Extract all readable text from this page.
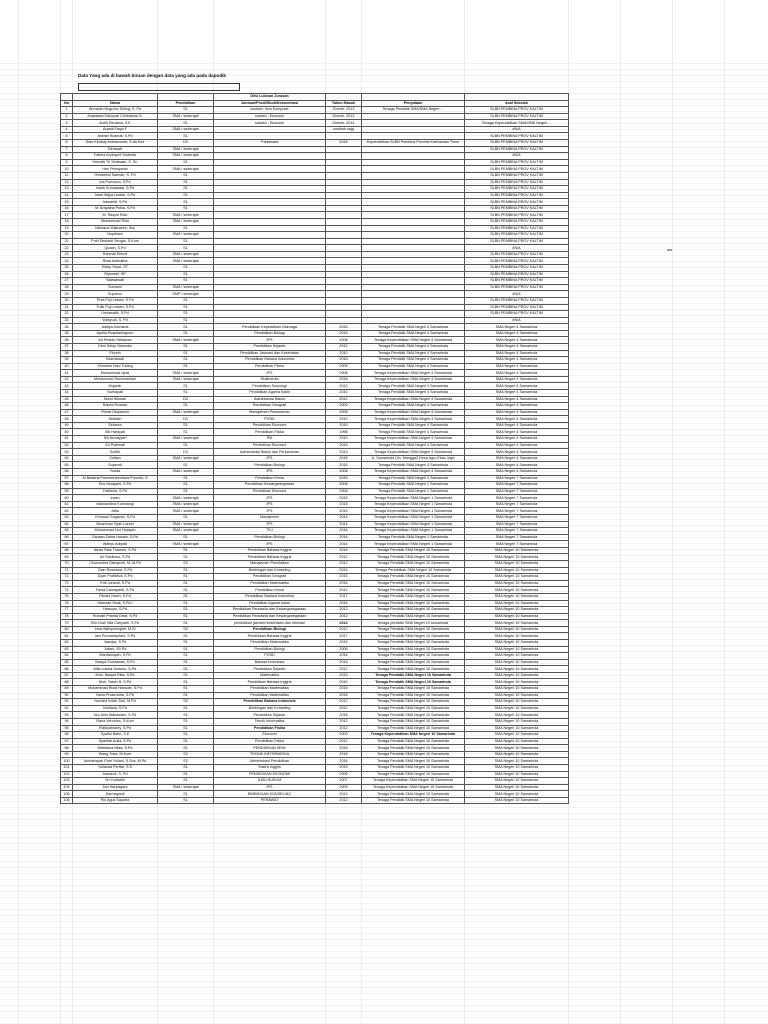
Data Yang ada di bawah biruan dengan data yang ada pada dapodik
			Diisi Lulusan Jurusan			
No	Nama	Pendidikan	Jurusan/Prodi/Studi/Konsentrasi	Tahun Masuk	Penyataan	Asal Sekolah
1	Ahmadin Nugroho Siding, S. Pd	S1	sosbish: Ilmu Komputer	Dlrecth: 2013	Tenaga Pendidik SMA/SMA Negeri ...	SLBN PEMBINA PROV KALTIM
2	Anastasia Dahyuati Christianta G.	SMA / sederajat	sosbsh : Ekonomi	Dlrecth: 2013		SLBN PEMBINA PROV KALTIM
3	Ardih Perdana, S.E	S1	sosbsh : Ekonomi	Dlrecth: 2014		Tenaga Kependidikan SMA/SMK Negeri ...
4	Aryadi Faqul F	SMA / sederajat		sosthsh sajg		#N/A
5	Asbran Busbus, S.Pd	S1				SLBN PEMBINA PROV KALTIM
6	Dian Kinanty Anthanoulta, S.Ak.Kes	D3	Pariwisata	2018	Kependidikan SLBN Pembina Provinsi Kalimantan Timur	SLBN PEMBINA PROV KALTIM
7	Dinawati	SMA / sederajat				SLBN PEMBINA PROV KALTIM
8	Fatima Andrayet Yustedia	SMA / sederajat				#N/A
9	Hemaiti Tri Setiawan, S. Sn	S1				SLBN PEMBINA PROV KALTIM
10	Heri Pebriyanto	SMA / sederajat				SLBN PEMBINA PROV KALTIM
11	Himawhul Saenah, S. Pd	S1				SLBN PEMBINA PROV KALTIM
12	Ida Purnomo, S.Pd	S1				SLBN PEMBINA PROV KALTIM
13	Indah Kumalaalsi, S.Pd	S1				SLBN PEMBINA PROV KALTIM
14	Intan Wijya Lestari, S.Pd	S1				SLBN PEMBINA PROV KALTIM
15	Irawandi, S.Pd	S1				SLBN PEMBINA PROV KALTIM
16	M. Ardyaiha Pulsa, S.Pd	S1				SLBN PEMBINA PROV KALTIM
17	M. Rasyid Rido	SMA / sederajat				SLBN PEMBINA PROV KALTIM
18	Muhammad Rido	SMA / sederajat				SLBN PEMBINA PROV KALTIM
19	Nikolaus Wijanarko, Ssk	S1				SLBN PEMBINA PROV KALTIM
20	Nopitriani	SMA / sederajat				SLBN PEMBINA PROV KALTIM
21	Putri Desianti Sengar, S.Kom	S1				SLBN PEMBINA PROV KALTIM
22	Quadri, S.Pd	S1				#N/A
23	Rahmat Efendi	SMA / sederajat				SLBN PEMBINA PROV KALTIM
24	Rizal Ardinatha	SMA / sederajat				SLBN PEMBINA PROV KALTIM
25	Rizky Yusuf, ST	S1				SLBN PEMBINA PROV KALTIM
26	Riyanadi, SP	S1				SLBN PEMBINA PROV KALTIM
27	Salasawati	S1				SLBN PEMBINA PROV KALTIM
28	Sumarni	SMA / sederajat				SLBN PEMBINA PROV KALTIM
29	Suparno	SMP / sederajat				#N/A
30	Tirza Puji Lestari, S.Pd	S1				SLBN PEMBINA PROV KALTIM
31	Tutik Puji Lestari, S.Pd	S1				SLBN PEMBINA PROV KALTIM
32	Umrawatik, S.Pd	S1				SLBN PEMBINA PROV KALTIM
33	Wahyudi, S. Pd	S1				#N/A
34	Aditiya Kurniana	S1	Pendidikan Kepelatihan Olahraga	2015	Tenaga Pendidik SMA Negeri 4 Samarinda	SMA Negeri 4 Samarinda
35	Aprilia Puspitaningrum	S1	Pendidikan Biologi	2015	Tenaga Pendidik SMA Negeri 4 Samarinda	SMA Negeri 4 Samarinda
36	Ari Prianto Setiawan	SMA / sederajat	IPS	2008	Tenaga Kependidikan SMA Negeri 4 Samarinda	SMA Negeri 4 Samarinda
37	Deni Setyo Gismoko	S1	Pendidikan Sejarah	2012	Tenaga Pendidik SMA Negeri 4 Samarinda	SMA Negeri 4 Samarinda
38	Florein	S1	Pendidikan Jasmani dan Kesehatan	2010	Tenaga Pendidik SMA Negeri 4 Samarinda	SMA Negeri 4 Samarinda
39	Kasmawati	S1	Pendidikan Bahasa Indonesia	2018	Tenaga Pendidik SMA Negeri 4 Samarinda	SMA Negeri 4 Samarinda
40	Khristina Hani Tubing	S1	Pendidikan Fisika	2009	Tenaga Pendidik SMA Negeri 4 Samarinda	SMA Negeri 4 Samarinda
41	Muhammad Iqbal	SMA / sederajat	IPS	2008	Tenaga Kependidikan SMA Negeri 4 Samarinda	SMA Negeri 4 Samarinda
42	Muhammad Rachmadiani	SMA / sederajat	Multimedia	2018	Tenaga Kependidikan SMA Negeri 4 Samarinda	SMA Negeri 4 Samarinda
43	Mujadin	S1	Pendidikan Sosiologi	2013	Tenaga Pendidik SMA Negeri 4 Samarinda	SMA Negeri 4 Samarinda
44	Nurhayati	S1	Pendidikan Agama Islam	2010	Tenaga Pendidik SMA Negeri 4 Samarinda	SMA Negeri 4 Samarinda
45	Nurul Hikmah	D3	Administrasi Bisnis	2012	Tenaga Kependidikan SMA Negeri 4 Samarinda	SMA Negeri 4 Samarinda
46	Rahmi Rusdan	S1	Pendidikan Geografi	2009	Tenaga Pendidik SMA Negeri 4 Samarinda	SMA Negeri 4 Samarinda
47	Rinda Oktyaduhi	SMA / sederajat	Manajemen Perkantoran	2009	Tenaga Kependidikan SMA Negeri 4 Samarinda	SMA Negeri 4 Samarinda
48	Setiasih	D3	PGSD	2010	Tenaga Kependidikan SMA Negeri 4 Samarinda	SMA Negeri 4 Samarinda
49	Setiarso	S1	Pendidikan Ekonomi	2016	Tenaga Pendidik SMA Negeri 4 Samarinda	SMA Negeri 4 Samarinda
50	Siti Hardyati	S1	Pendidikan Fisika	1998	Tenaga Pendidik SMA Negeri 4 Samarinda	SMA Negeri 4 Samarinda
51	Siti Nuraiyyah	SMA / sederajat	IPA	2010	Tenaga Kependidikan SMA Negeri 4 Samarinda	SMA Negeri 4 Samarinda
52	Sri Pratiwati	S1	Pendidikan Ekonomi	2016	Tenaga Pendidik SMA Negeri 4 Samarinda	SMA Negeri 4 Samarinda
53	Surfitri	D3	Administrasi Bisnis dan Perkantoran	2013	Tenaga Kependidikan SMA Negeri 4 Samarinda	SMA Negeri 4 Samarinda
54	Sulkan	SMA / sederajat	IPS	2018	U. Samarinda Ulu, Mangga2 Desa Agro Eksa Jaya	SMA Negeri 4 Samarinda
55	Supendi	S1	Pendidikan Biologi	2015	Tenaga Pendidik SMA Negeri 4 Samarinda	SMA Negeri 4 Samarinda
56	Yunda	SMA / sederajat	IPS	2008	Tenaga Kependidikan SMA Negeri 4 Samarinda	SMA Negeri 4 Samarinda
57	Ai Bedana Parunterarentiara Puronto, S	S1	Pendidikan Kimia	2015	Tenaga Pendidik SMA Negeri 1 Samarinda	SMA Negeri 7 Samarinda
58	Eko Nurajanti, S.Pd	S1	Pendidikan Kewarganegaraan	2008	Tenaga Pendidik SMA Negeri 1 Samarinda	SMA Negeri 7 Samarinda
59	Fadlisha, S.Pd	S1	Pendidikan Ekonomi	2006	Tenaga Pendidik SMA Negeri 1 Samarinda	SMA Negeri 7 Samarinda
60	Irwan	SMA / sederajat	IPS	2015	Tenaga Kependidikan SMA Negeri 1 Samarinda	SMA Negeri 7 Samarinda
61	Istianandina Kusmangi	SMA / sederajat	IPS	2015	Tenaga Kependidikan SMA Negeri 1 Samarinda	SMA Negeri 7 Samarinda
62	Jafar	SMA / sederajat	IPS	2015	Tenaga Kependidikan SMA Negeri 1 Samarinda	SMA Negeri 7 Samarinda
63	Khoswul Sugianto, S.Pd	S1	Manajemen	2014	Tenaga Kependidikan SMA Negeri 1 Samarinda	SMA Negeri 7 Samarinda
64	Muammar Syah Landu	SMA / sederajat	IPS	2014	Tenaga Kependidikan SMA Negeri 1 Samarinda	SMA Negeri 7 Samarinda
65	Muhammad Nur Hidayah	SMA / sederajat	TKJ	2016	Tenaga Kependidikan SMA Negeri 1 Samarinda	SMA Negeri 7 Samarinda
66	Sausan Zahra Husain, S.Pd	S1	Pendidikan Biologi	2016	Tenaga Pendidik SMA Negeri 1 Samarinda	SMA Negeri 7 Samarinda
67	Wahyu Adiyadi	SMA / sederajat	IPS	2014	Tenaga Kependidikan SMA Negeri 1 Samarinda	SMA Negeri 7 Samarinda
68	Abdul Rais Thamrin, S.Pd	S1	Pendidikan Bahasa Inggris	2016	Tenaga Pendidik SMA Negeri 10 Samarinda	SMA Negeri 10 Samarinda
69	Ari Susilowo, S.Pd	S1	Pendidikan Bahasa Inggris	2012	Tenaga Pendidik SMA Negeri 10 Samarinda	SMA Negeri 10 Samarinda
70	Chusnudha Sabrpenti, M.,M.Pd	S2	Manajemen Pendidikan	2012	Tenaga Pendidik SMA Negeri 10 Samarinda	SMA Negeri 10 Samarinda
71	Dian Ruswana, S.Pd	S1	Bimbingan dan Konseling	2016	Tenaga Pendidikan SMA Negeri 10 Samarinda	SMA Negeri 10 Samarinda
72	Dyah Pratiktiva, S.Pd	S1	Pendidikan Geografi	2015	Tenaga Pendidik SMA Negeri 10 Samarinda	SMA Negeri 10 Samarinda
73	Erik Jurandi, S.Pd	S1	Pendidikan Matematika	2016	Tenaga Pendidik SMA Negeri 10 Samarinda	SMA Negeri 10 Samarinda
74	Fania Damayanti, S.Pd	S1	Pendidikan Kimia	2012	Tenaga Pendidik SMA Negeri 10 Samarinda	SMA Negeri 10 Samarinda
75	Fitriani Nisen, S.Pd	S1	Pendidikan Bahasa Indonesia	2017	Tenaga Pendidik SMA Negeri 10 Samarinda	SMA Negeri 10 Samarinda
76	Hamzari Shali, S.Pd.I	S1	Pendidikan Agama Islam	2016	Tenaga Pendidik SMA Negeri 10 Samarinda	SMA Negeri 10 Samarinda
77	Harsoyo, S.Pd	S1	Pendidikan Pancasila dan Kewarganegaraan	2012	Tenaga Pendidik SMA Negeri 10 Samarinda	SMA Negeri 10 Samarinda
78	Humairi Pranita Dewi, S.Pd	S1	Pendidikan Pancasila dan Kewarganegaraan	2012	Tenaga Pendidik SMA Negeri 10 Samarinda	SMA Negeri 10 Samarinda
79	Eko Diah Nila Cahyanti, S.Pd	S1	pendidikan jasmani kesehatan dan rekreasi	2014	tenaga pendidik SMA Negeri 10 samarinda	SMA Negeri 10 Samarinda
80	Irma Wahyuningsih, M.Si	S2	Pendidikan Biologi	2012	Tenaga Pendidik SMA Negeri 10 Samarinda	SMA Negeri 10 Samarinda
81	Irmi Purnamasi'ani, S.Pd	S1	Pendidikan Bahasa Inggris	2017	Tenaga Pendidik SMA Negeri 10 Samarinda	SMA Negeri 10 Samarinda
82	Jaaniya, S.Pd	S1	Pendidikan Matematika	2015	Tenaga Pendidik SMA Negeri 10 Samarinda	SMA Negeri 10 Samarinda
83	Juliani, S0.Pd	S1	Pendidikan Biologi	2006	Tenaga Pendidik SMA Negeri 10 Samarinda	SMA Negeri 10 Samarinda
84	Mardiamiyah, S.Pd	S1	PGSD	2016	Tenaga Pendidik SMA Negeri 10 Samarinda	SMA Negeri 10 Samarinda
85	Masya Sudirawati, S.Pd	S1	Bahasa Indonesia	2016	Tenaga Pendidik SMA Negeri 10 Samarinda	SMA Negeri 10 Samarinda
86	Mila Lucina Sumoro, S.Pd	S1	Pendidikan Sejarah	2017	Tenaga Pendidik SMA Negeri 10 Samarinda	SMA Negeri 10 Samarinda
87	Muh. Nasyid Rifai, S.Pd	S1	Matematika	2015	Tenaga Pendidik SMA Negeri 10 Samarinda	SMA Negeri 10 Samarinda
88	Muh. Tasrin S, S.Pd	S1	Pendidikan Bahasa Inggris	2010	Tenaga Pendidik SMA Negeri 10 Samarinda	SMA Negeri 10 Samarinda
89	Muhammad Rizal Hamzah, S.Pd	S1	Pendidikan Matematika	2015	Tenaga Pendidik SMA Negeri 10 Samarinda	SMA Negeri 10 Samarinda
90	Nana Prasendha, S.Pd	S1	Pendidikan Matematika	2018	Tenaga Pendidik SMA Negeri 10 Samarinda	SMA Negeri 10 Samarinda
91	Nurraini Indah Sari, M.Pd	S2	Pendidikan Bahasa Indonesia	2012	Tenaga Pendidik SMA Negeri 10 Samarinda	SMA Negeri 10 Samarinda
92	Nurliana, S.Pd	S1	Bimbingan dan Konseling	2012	Tenaga Pendidik SMA Negeri 10 Samarinda	SMA Negeri 10 Samarinda
93	Nur Alim Wahasiam, S.Pd	S1	Pendidikan Sejarah	2018	Tenaga Pendidik SMA Negeri 10 Samarinda	SMA Negeri 10 Samarinda
94	Rana Veronica, S.Kom	S1	Teknik Informatika	2012	Tenaga Pendidik SMA Negeri 10 Samarinda	SMA Negeri 10 Samarinda
95	Rizkiyahranty, S.Pd	S1	Pendidikan Fisika	2012	Tenaga Pendidik SMA Negeri 10 Samarinda	SMA Negeri 10 Samarinda
96	Syaiful Bahri, S.E	S1	Ekonomi	2009	Tenaga Kependidikan SMA Negeri 10 Samarinda	SMA Negeri 10 Samarinda
97	Syarifah Aulia, S.Pd	S1	Pendidikan Fisika	2012	Tenaga Pendidik SMA Negeri 10 Samarinda	SMA Negeri 10 Samarinda
98	Wardiana Nilsa, S.Pd	S1	PENDIDIKAN SENI	2018	Tenaga Pendidik SMA Negeri 10 Samarinda	SMA Negeri 10 Samarinda
99	Wang Tuba, M.Kom	S2	TEKNIK INFORMATIKA	2018	Tenaga Pendidik SMA Negeri 10 Samarinda	SMA Negeri 10 Samarinda
100	Amriansyah Putri Yuliani, S.Sos.,M.Pd	S2	Administrasi Pendidikan	2016	Tenaga Pendidik SMA Negeri 10 Samarinda	SMA Negeri 10 Samarinda
101	Yulianda Pertiwi, S.S	S1	Sastra Inggris	2019	Tenaga Pendidik SMA Negeri 10 Samarinda	SMA Negeri 10 Samarinda
102	Aswandi, S. Pd	S1	PENDIDIKAN EKONOMI	2006	Tenaga Pendidik SMA Negeri 10 Samarinda	SMA Negeri 10 Samarinda
103	Sri Yudiarthi	S1	ILMU HUKUM	2007	Tenaga Kependidikan SMA Negeri 10 Samarinda	SMA Negeri 10 Samarinda
104	Dwi Handayani	SMA / sederajat	IPS	2009	Tenaga Kependidikan SMA Negeri 10 Samarinda	SMA Negeri 10 Samarinda
105	Darmayanti	S1	BIMBINGAN KONSELING	2013	Tenaga Pendidik SMA Negeri 10 Samarinda	SMA Negeri 10 Samarinda
106	Rio Agus Saputra	S1	PERAWAT	2012	Tenaga Pendidik SMA Negeri 10 Samarinda	SMA Negeri 10 Samarinda
aw
